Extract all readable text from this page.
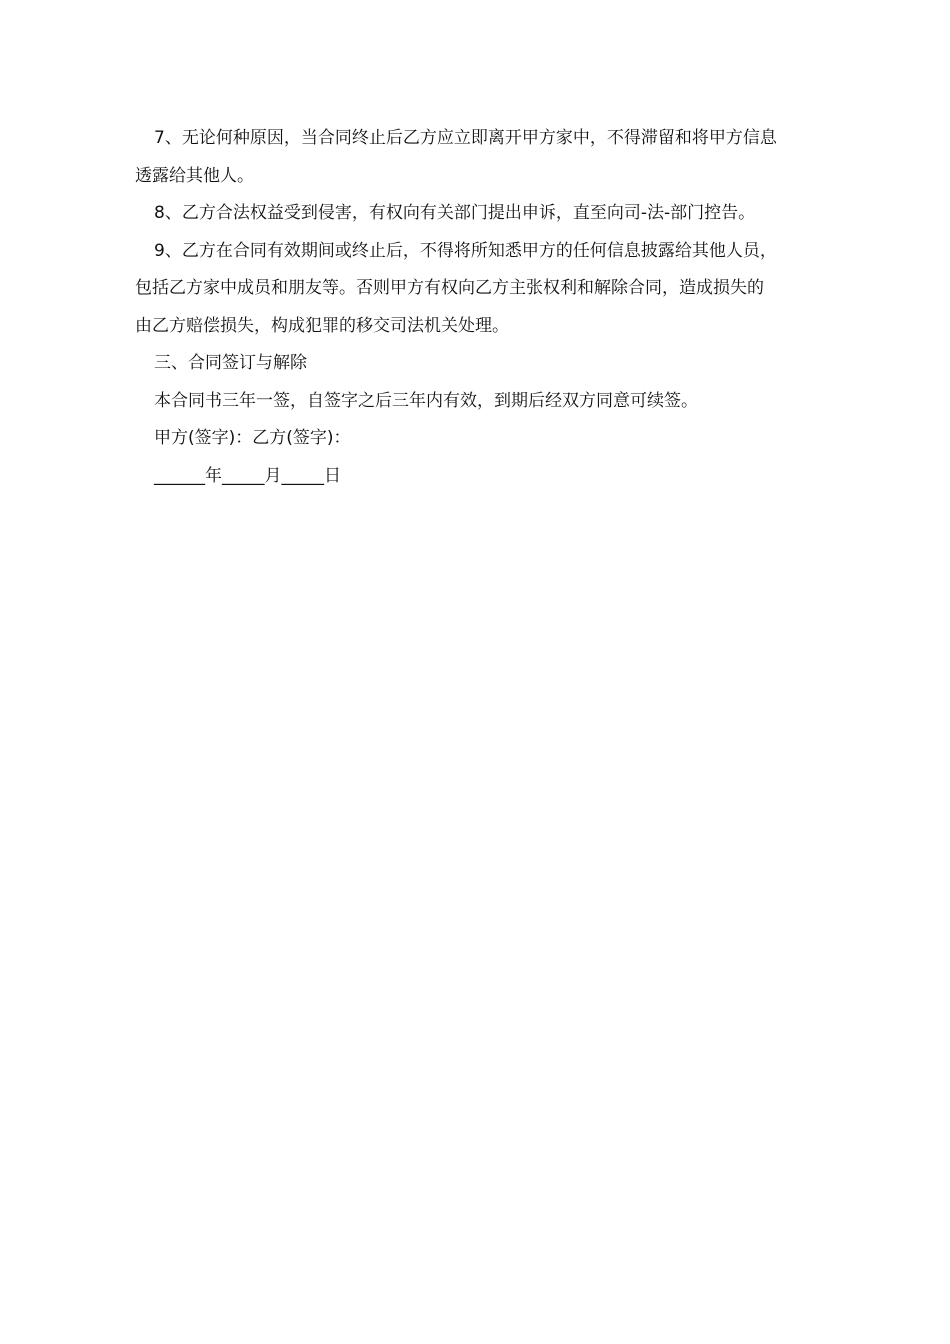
7、无论何种原因，当合同终止后乙方应立即离开甲方家中，不得滞留和将甲方信息
透露给其他人。
8、乙方合法权益受到侵害，有权向有关部门提出申诉，直至向司-法-部门控告。
9、乙方在合同有效期间或终止后，不得将所知悉甲方的任何信息披露给其他人员，
包括乙方家中成员和朋友等。否则甲方有权向乙方主张权利和解除合同，造成损失的
由乙方赔偿损失，构成犯罪的移交司法机关处理。
三、合同签订与解除
本合同书三年一签，自签字之后三年内有效，到期后经双方同意可续签。
甲方(签字)：乙方(签字)：
______年_____月_____日
